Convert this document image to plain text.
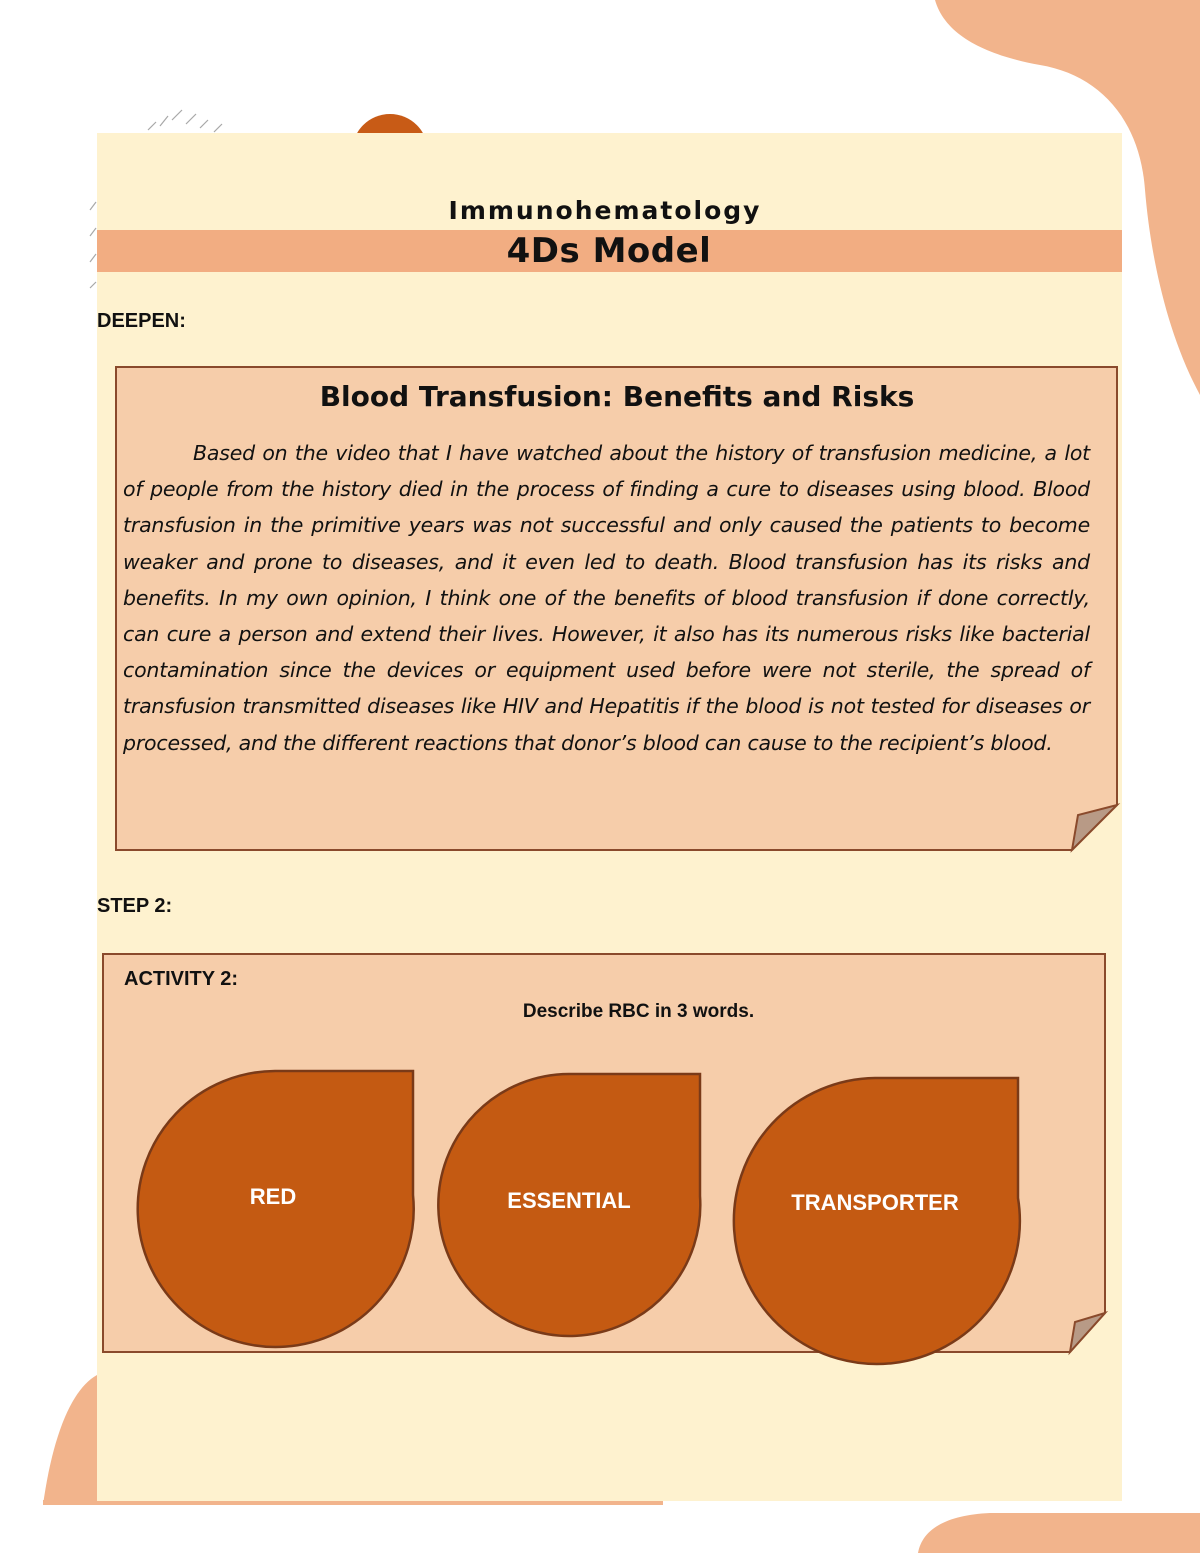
Immunohematology
4Ds Model

DEEPEN:

Blood Transfusion: Benefits and Risks

Based on the video that I have watched about the history of transfusion medicine, a lot of people from the history died in the process of finding a cure to diseases using blood. Blood transfusion in the primitive years was not successful and only caused the patients to become weaker and prone to diseases, and it even led to death. Blood transfusion has its risks and benefits. In my own opinion, I think one of the benefits of blood transfusion if done correctly, can cure a person and extend their lives. However, it also has its numerous risks like bacterial contamination since the devices or equipment used before were not sterile, the spread of transfusion transmitted diseases like HIV and Hepatitis if the blood is not tested for diseases or processed, and the different reactions that donor’s blood can cause to the recipient’s blood.

STEP 2:

ACTIVITY 2:

Describe RBC in 3 words.

RED	ESSENTIAL	TRANSPORTER
